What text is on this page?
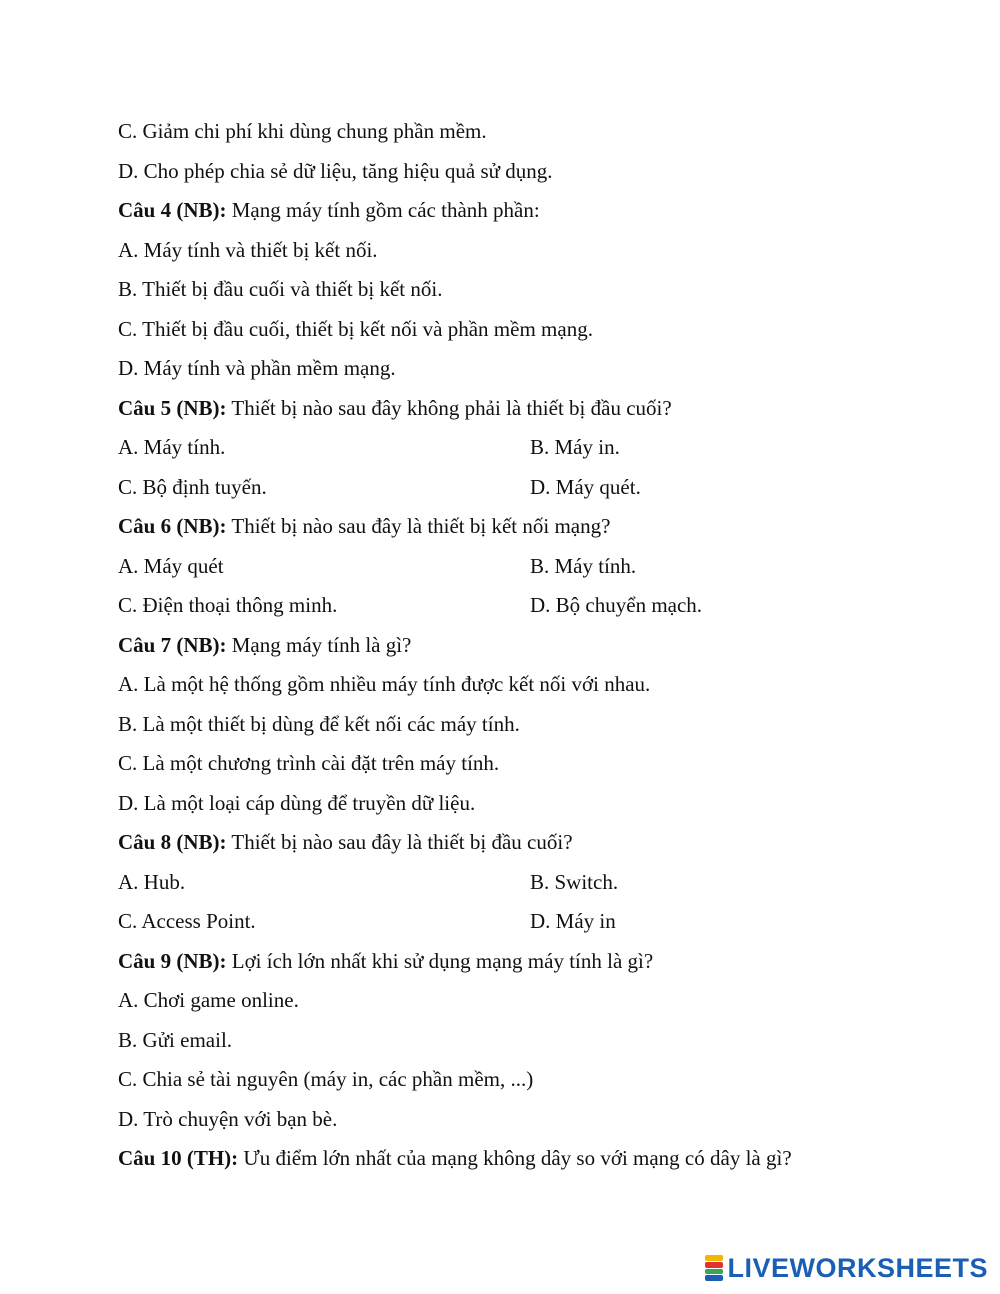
C. Giảm chi phí khi dùng chung phần mềm.
D. Cho phép chia sẻ dữ liệu, tăng hiệu quả sử dụng.
Câu 4 (NB): Mạng máy tính gồm các thành phần:
A. Máy tính và thiết bị kết nối.
B. Thiết bị đầu cuối và thiết bị kết nối.
C. Thiết bị đầu cuối, thiết bị kết nối và phần mềm mạng.
D. Máy tính và phần mềm mạng.
Câu 5 (NB): Thiết bị nào sau đây không phải là thiết bị đầu cuối?
A. Máy tính.	B. Máy in.
C. Bộ định tuyến.	D. Máy quét.
Câu 6 (NB): Thiết bị nào sau đây là thiết bị kết nối mạng?
A. Máy quét	B. Máy tính.
C. Điện thoại thông minh.	D. Bộ chuyển mạch.
Câu 7 (NB): Mạng máy tính là gì?
A. Là một hệ thống gồm nhiều máy tính được kết nối với nhau.
B. Là một thiết bị dùng để kết nối các máy tính.
C. Là một chương trình cài đặt trên máy tính.
D. Là một loại cáp dùng để truyền dữ liệu.
Câu 8 (NB): Thiết bị nào sau đây là thiết bị đầu cuối?
A. Hub.	B. Switch.
C. Access Point.	D. Máy in
Câu 9 (NB): Lợi ích lớn nhất khi sử dụng mạng máy tính là gì?
A. Chơi game online.
B. Gửi email.
C. Chia sẻ tài nguyên (máy in, các phần mềm, ...)
D. Trò chuyện với bạn bè.
Câu 10 (TH): Ưu điểm lớn nhất của mạng không dây so với mạng có dây là gì?
LIVEWORKSHEETS
